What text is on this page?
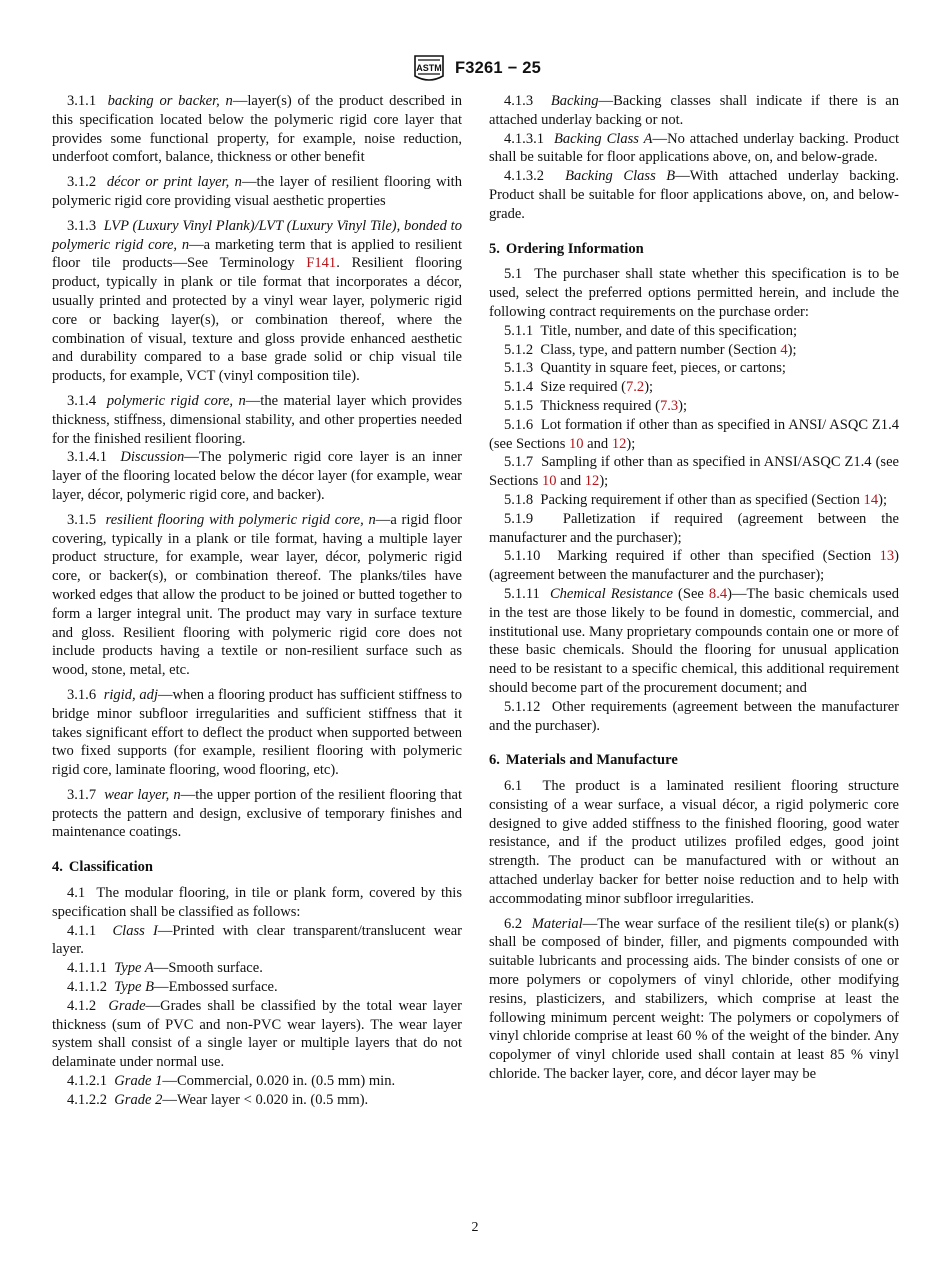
ASTM F3261 − 25

3.1.1 backing or backer, n—layer(s) of the product described in this specification located below the polymeric rigid core layer that provides some functional property, for example, noise reduction, underfoot comfort, balance, thickness or other benefit

3.1.2 décor or print layer, n—the layer of resilient flooring with polymeric rigid core providing visual aesthetic properties

3.1.3 LVP (Luxury Vinyl Plank)/LVT (Luxury Vinyl Tile), bonded to polymeric rigid core, n—a marketing term that is applied to resilient floor tile products—See Terminology F141. Resilient flooring product, typically in plank or tile format that incorporates a décor, usually printed and protected by a vinyl wear layer, polymeric rigid core or backing layer(s), or combination thereof, where the combination of visual, texture and gloss provide enhanced aesthetic and durability compared to a base grade solid or chip visual tile products, for example, VCT (vinyl composition tile).

3.1.4 polymeric rigid core, n—the material layer which provides thickness, stiffness, dimensional stability, and other properties needed for the finished resilient flooring.

3.1.4.1 Discussion—The polymeric rigid core layer is an inner layer of the flooring located below the décor layer (for example, wear layer, décor, polymeric rigid core, and backer).

3.1.5 resilient flooring with polymeric rigid core, n—a rigid floor covering, typically in a plank or tile format, having a multiple layer product structure, for example, wear layer, décor, polymeric rigid core, or backer(s), or combination thereof. The planks/tiles have worked edges that allow the product to be joined or butted together to form a larger integral unit. The product may vary in surface texture and gloss. Resilient flooring with polymeric rigid core does not include products having a textile or non-resilient surface such as wood, stone, metal, etc.

3.1.6 rigid, adj—when a flooring product has sufficient stiffness to bridge minor subfloor irregularities and sufficient stiffness that it takes significant effort to deflect the product when supported between two fixed supports (for example, resilient flooring with polymeric rigid core, laminate flooring, wood flooring, etc).

3.1.7 wear layer, n—the upper portion of the resilient flooring that protects the pattern and design, exclusive of temporary finishes and maintenance coatings.

4. Classification

4.1 The modular flooring, in tile or plank form, covered by this specification shall be classified as follows:

4.1.1 Class I—Printed with clear transparent/translucent wear layer.

4.1.1.1 Type A—Smooth surface.

4.1.1.2 Type B—Embossed surface.

4.1.2 Grade—Grades shall be classified by the total wear layer thickness (sum of PVC and non-PVC wear layers). The wear layer system shall consist of a single layer or multiple layers that do not delaminate under normal use.

4.1.2.1 Grade 1—Commercial, 0.020 in. (0.5 mm) min.

4.1.2.2 Grade 2—Wear layer < 0.020 in. (0.5 mm).

4.1.3 Backing—Backing classes shall indicate if there is an attached underlay backing or not.

4.1.3.1 Backing Class A—No attached underlay backing. Product shall be suitable for floor applications above, on, and below-grade.

4.1.3.2 Backing Class B—With attached underlay backing. Product shall be suitable for floor applications above, on, and below-grade.

5. Ordering Information

5.1 The purchaser shall state whether this specification is to be used, select the preferred options permitted herein, and include the following contract requirements on the purchase order:

5.1.1 Title, number, and date of this specification;

5.1.2 Class, type, and pattern number (Section 4);

5.1.3 Quantity in square feet, pieces, or cartons;

5.1.4 Size required (7.2);

5.1.5 Thickness required (7.3);

5.1.6 Lot formation if other than as specified in ANSI/ ASQC Z1.4 (see Sections 10 and 12);

5.1.7 Sampling if other than as specified in ANSI/ASQC Z1.4 (see Sections 10 and 12);

5.1.8 Packing requirement if other than as specified (Section 14);

5.1.9 Palletization if required (agreement between the manufacturer and the purchaser);

5.1.10 Marking required if other than specified (Section 13) (agreement between the manufacturer and the purchaser);

5.1.11 Chemical Resistance (See 8.4)—The basic chemicals used in the test are those likely to be found in domestic, commercial, and institutional use. Many proprietary compounds contain one or more of these basic chemicals. Should the flooring for unusual application need to be resistant to a specific chemical, this additional requirement should become part of the procurement document; and

5.1.12 Other requirements (agreement between the manufacturer and the purchaser).

6. Materials and Manufacture

6.1 The product is a laminated resilient flooring structure consisting of a wear surface, a visual décor, a rigid polymeric core designed to give added stiffness to the finished flooring, good water resistance, and if the product utilizes profiled edges, good joint strength. The product can be manufactured with or without an attached underlay backer for better noise reduction and to help with accommodating minor subfloor irregularities.

6.2 Material—The wear surface of the resilient tile(s) or plank(s) shall be composed of binder, filler, and pigments compounded with suitable lubricants and processing aids. The binder consists of one or more polymers or copolymers of vinyl chloride, other modifying resins, plasticizers, and stabilizers, which comprise at least the following minimum percent weight: The polymers or copolymers of vinyl chloride comprise at least 60 % of the weight of the binder. Any copolymer of vinyl chloride used shall contain at least 85 % vinyl chloride. The backer layer, core, and décor layer may be

2
